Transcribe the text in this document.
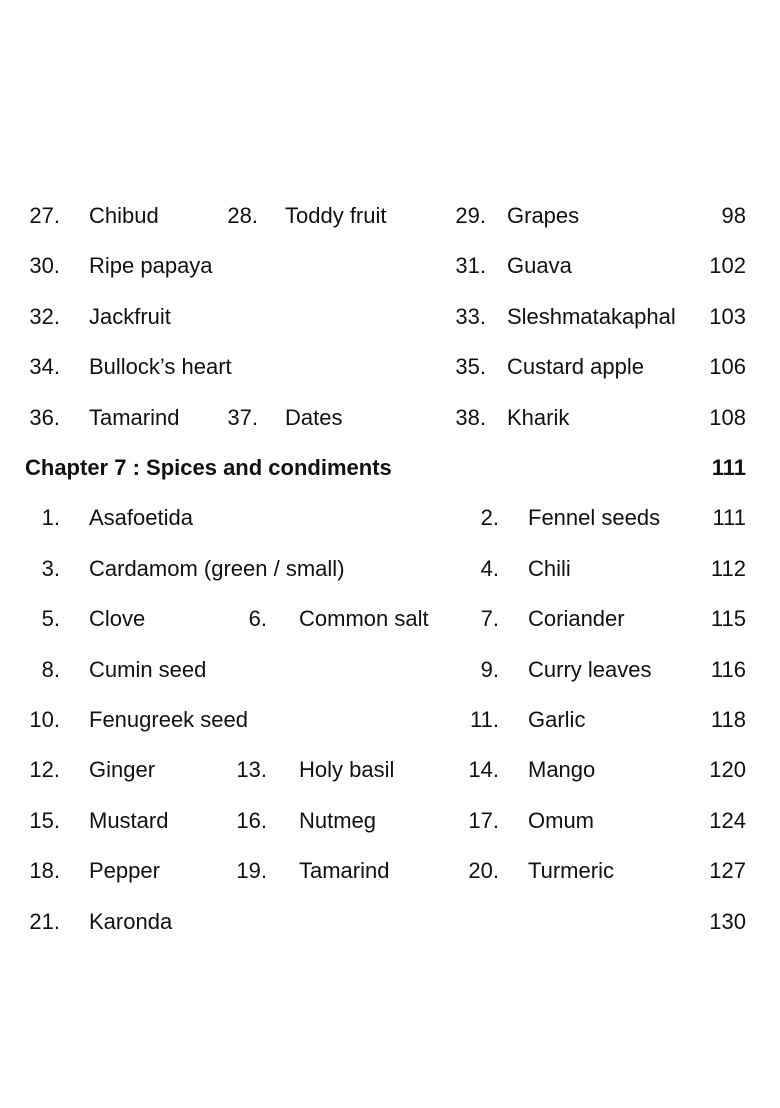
27. Chibud	28. Toddy fruit	29. Grapes	98
30. Ripe papaya	31. Guava	102
32. Jackfruit	33. Sleshmatakaphal 103
34. Bullock’s heart	35. Custard apple	106
36. Tamarind	37. Dates	38. Kharik	108
Chapter 7 : Spices and condiments	111
1. Asafoetida	2. Fennel seeds 111
3. Cardamom (green / small)	4. Chili	112
5. Clove	6. Common salt	7. Coriander	115
8. Cumin seed	9. Curry leaves	116
10. Fenugreek seed	11. Garlic	118
12. Ginger	13. Holy basil	14. Mango	120
15. Mustard	16. Nutmeg	17. Omum	124
18. Pepper	19. Tamarind	20. Turmeric	127
21. Karonda	130
